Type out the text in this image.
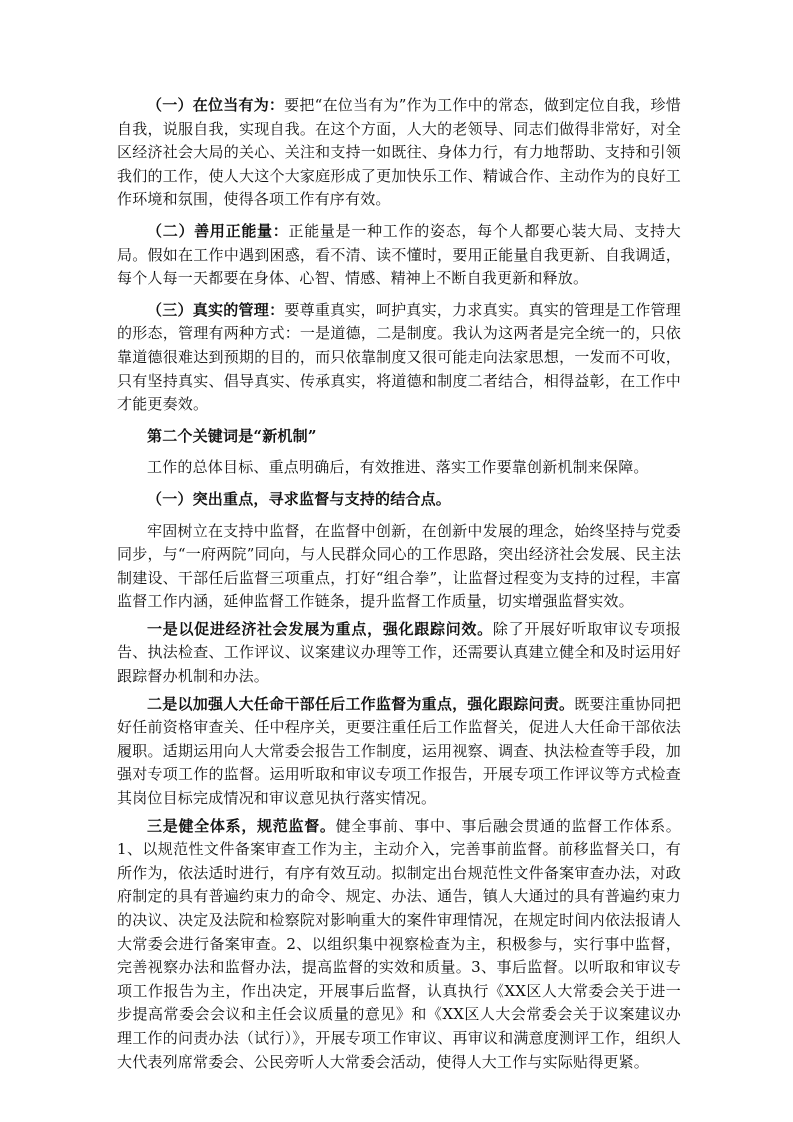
（一）在位当有为：要把“在位当有为”作为工作中的常态，做到定位自我，珍惜自我，说服自我，实现自我。在这个方面，人大的老领导、同志们做得非常好，对全区经济社会大局的关心、关注和支持一如既往、身体力行，有力地帮助、支持和引领我们的工作，使人大这个大家庭形成了更加快乐工作、精诚合作、主动作为的良好工作环境和氛围，使得各项工作有序有效。

（二）善用正能量：正能量是一种工作的姿态，每个人都要心装大局、支持大局。假如在工作中遇到困惑，看不清、读不懂时，要用正能量自我更新、自我调适，每个人每一天都要在身体、心智、情感、精神上不断自我更新和释放。

（三）真实的管理：要尊重真实，呵护真实，力求真实。真实的管理是工作管理的形态，管理有两种方式：一是道德，二是制度。我认为这两者是完全统一的，只依靠道德很难达到预期的目的，而只依靠制度又很可能走向法家思想，一发而不可收，只有坚持真实、倡导真实、传承真实，将道德和制度二者结合，相得益彰，在工作中才能更奏效。

第二个关键词是“新机制”

工作的总体目标、重点明确后，有效推进、落实工作要靠创新机制来保障。

（一）突出重点，寻求监督与支持的结合点。

牢固树立在支持中监督，在监督中创新，在创新中发展的理念，始终坚持与党委同步，与“一府两院”同向，与人民群众同心的工作思路，突出经济社会发展、民主法制建设、干部任后监督三项重点，打好“组合拳”，让监督过程变为支持的过程，丰富监督工作内涵，延伸监督工作链条，提升监督工作质量，切实增强监督实效。

一是以促进经济社会发展为重点，强化跟踪问效。除了开展好听取审议专项报告、执法检查、工作评议、议案建议办理等工作，还需要认真建立健全和及时运用好跟踪督办机制和办法。

二是以加强人大任命干部任后工作监督为重点，强化跟踪问责。既要注重协同把好任前资格审查关、任中程序关，更要注重任后工作监督关，促进人大任命干部依法履职。适期运用向人大常委会报告工作制度，运用视察、调查、执法检查等手段，加强对专项工作的监督。运用听取和审议专项工作报告，开展专项工作评议等方式检查其岗位目标完成情况和审议意见执行落实情况。

三是健全体系，规范监督。健全事前、事中、事后融会贯通的监督工作体系。1、以规范性文件备案审查工作为主，主动介入，完善事前监督。前移监督关口，有所作为，依法适时进行，有序有效互动。拟制定出台规范性文件备案审查办法，对政府制定的具有普遍约束力的命令、规定、办法、通告，镇人大通过的具有普遍约束力的决议、决定及法院和检察院对影响重大的案件审理情况，在规定时间内依法报请人大常委会进行备案审查。2、以组织集中视察检查为主，积极参与，实行事中监督，完善视察办法和监督办法，提高监督的实效和质量。3、事后监督。以听取和审议专项工作报告为主，作出决定，开展事后监督，认真执行《XX区人大常委会关于进一步提高常委会会议和主任会议质量的意见》和《XX区人大会常委会关于议案建议办理工作的问责办法（试行）》，开展专项工作审议、再审议和满意度测评工作，组织人大代表列席常委会、公民旁听人大常委会活动，使得人大工作与实际贴得更紧。
